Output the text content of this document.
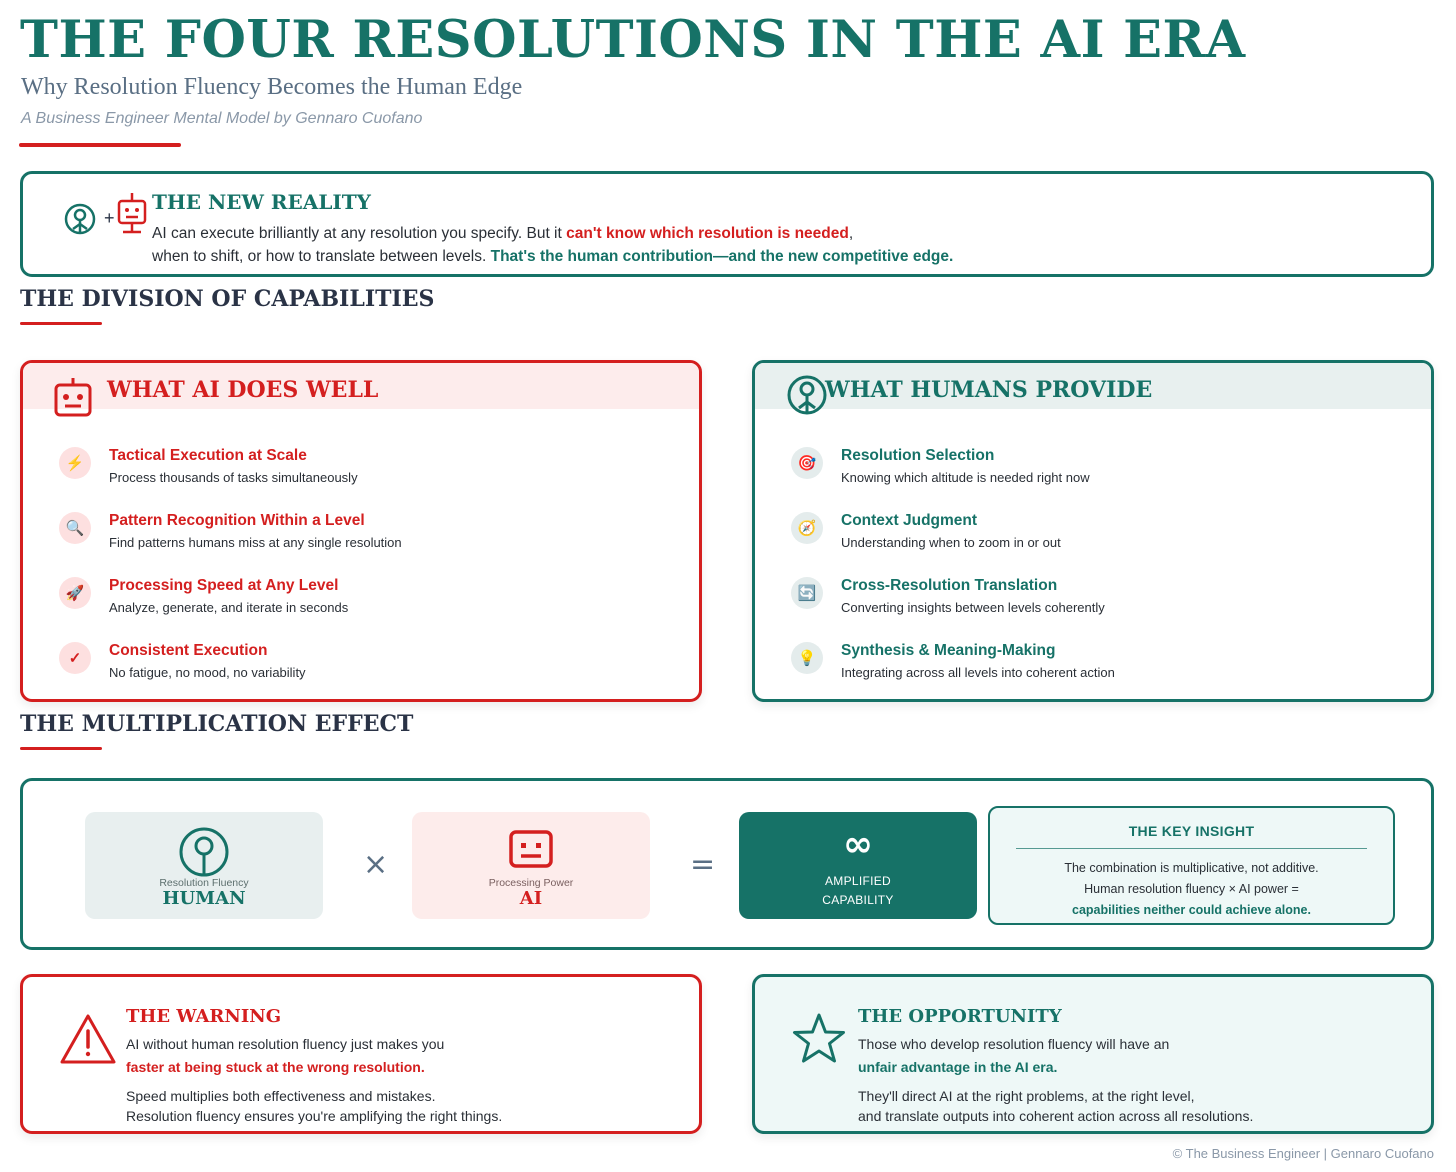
THE FOUR RESOLUTIONS IN THE AI ERA
Why Resolution Fluency Becomes the Human Edge
A Business Engineer Mental Model by Gennaro Cuofano
+
THE NEW REALITY
AI can execute brilliantly at any resolution you specify. But it can't know which resolution is needed,
when to shift, or how to translate between levels. That's the human contribution—and the new competitive edge.
THE DIVISION OF CAPABILITIES
WHAT AI DOES WELL
⚡	Tactical Execution at Scale
Process thousands of tasks simultaneously
🔍	Pattern Recognition Within a Level
Find patterns humans miss at any single resolution
🚀	Processing Speed at Any Level
Analyze, generate, and iterate in seconds
✓	Consistent Execution
No fatigue, no mood, no variability
WHAT HUMANS PROVIDE
🎯	Resolution Selection
Knowing which altitude is needed right now
🧭	Context Judgment
Understanding when to zoom in or out
🔄	Cross-Resolution Translation
Converting insights between levels coherently
💡	Synthesis & Meaning-Making
Integrating across all levels into coherent action
THE MULTIPLICATION EFFECT
Resolution Fluency
HUMAN
×
Processing Power
AI
=	∞
AMPLIFIED
CAPABILITY
THE KEY INSIGHT
The combination is multiplicative, not additive.
Human resolution fluency × AI power =
capabilities neither could achieve alone.
THE WARNING
AI without human resolution fluency just makes you
faster at being stuck at the wrong resolution.
Speed multiplies both effectiveness and mistakes.
Resolution fluency ensures you're amplifying the right things.
THE OPPORTUNITY
Those who develop resolution fluency will have an
unfair advantage in the AI era.
They'll direct AI at the right problems, at the right level,
and translate outputs into coherent action across all resolutions.
© The Business Engineer | Gennaro Cuofano
